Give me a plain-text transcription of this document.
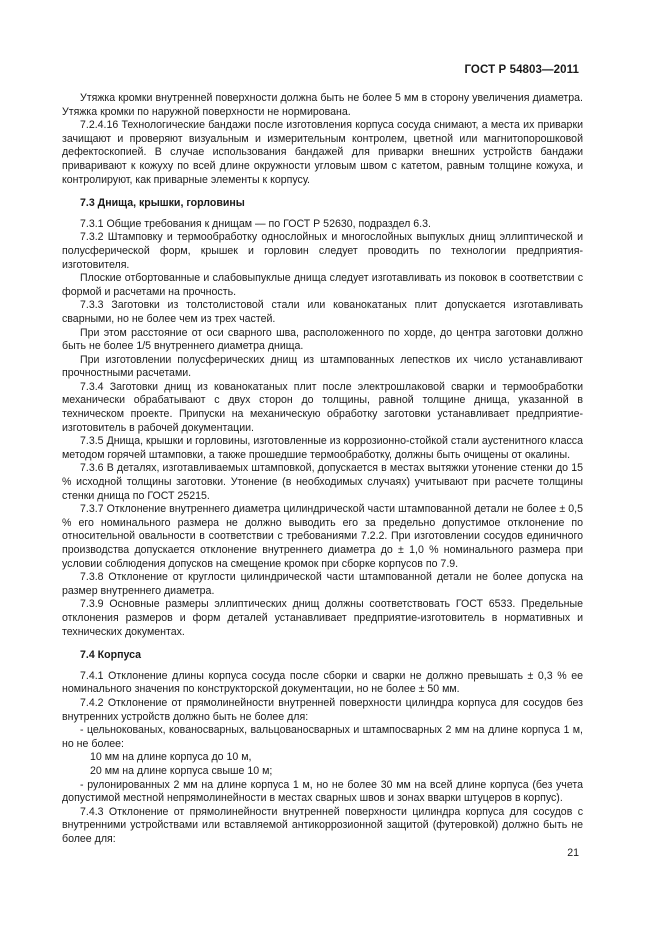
ГОСТ Р 54803—2011

Утяжка кромки внутренней поверхности должна быть не более 5 мм в сторону увеличения диаметра. Утяжка кромки по наружной поверхности не нормирована.

7.2.4.16 Технологические бандажи после изготовления корпуса сосуда снимают, а места их приварки зачищают и проверяют визуальным и измерительным контролем, цветной или магнитопорошковой дефектоскопией. В случае использования бандажей для приварки внешних устройств бандажи приваривают к кожуху по всей длине окружности угловым швом с катетом, равным толщине кожуха, и контролируют, как приварные элементы к корпусу.

7.3 Днища, крышки, горловины

7.3.1 Общие требования к днищам — по ГОСТ Р 52630, подраздел 6.3.

7.3.2 Штамповку и термообработку однослойных и многослойных выпуклых днищ эллиптической и полусферической форм, крышек и горловин следует проводить по технологии предприятия-изготовителя.

Плоские отбортованные и слабовыпуклые днища следует изготавливать из поковок в соответствии с формой и расчетами на прочность.

7.3.3 Заготовки из толстолистовой стали или кованокатаных плит допускается изготавливать сварными, но не более чем из трех частей.

При этом расстояние от оси сварного шва, расположенного по хорде, до центра заготовки должно быть не более 1/5 внутреннего диаметра днища.

При изготовлении полусферических днищ из штампованных лепестков их число устанавливают прочностными расчетами.

7.3.4 Заготовки днищ из кованокатаных плит после электрошлаковой сварки и термообработки механически обрабатывают с двух сторон до толщины, равной толщине днища, указанной в техническом проекте. Припуски на механическую обработку заготовки устанавливает предприятие-изготовитель в рабочей документации.

7.3.5 Днища, крышки и горловины, изготовленные из коррозионно-стойкой стали аустенитного класса методом горячей штамповки, а также прошедшие термообработку, должны быть очищены от окалины.

7.3.6 В деталях, изготавливаемых штамповкой, допускается в местах вытяжки утонение стенки до 15 % исходной толщины заготовки. Утонение (в необходимых случаях) учитывают при расчете толщины стенки днища по ГОСТ 25215.

7.3.7 Отклонение внутреннего диаметра цилиндрической части штампованной детали не более ± 0,5 % его номинального размера не должно выводить его за предельно допустимое отклонение по относительной овальности в соответствии с требованиями 7.2.2. При изготовлении сосудов единичного производства допускается отклонение внутреннего диаметра до ± 1,0 % номинального размера при условии соблюдения допусков на смещение кромок при сборке корпусов по 7.9.

7.3.8 Отклонение от круглости цилиндрической части штампованной детали не более допуска на размер внутреннего диаметра.

7.3.9 Основные размеры эллиптических днищ должны соответствовать ГОСТ 6533. Предельные отклонения размеров и форм деталей устанавливает предприятие-изготовитель в нормативных и технических документах.

7.4 Корпуса

7.4.1 Отклонение длины корпуса сосуда после сборки и сварки не должно превышать ± 0,3 % ее номинального значения по конструкторской документации, но не более ± 50 мм.

7.4.2 Отклонение от прямолинейности внутренней поверхности цилиндра корпуса для сосудов без внутренних устройств должно быть не более для:

- цельнокованых, кованосварных, вальцованосварных и штампосварных 2 мм на длине корпуса 1 м, но не более:

10 мм на длине корпуса до 10 м,

20 мм на длине корпуса свыше 10 м;

- рулонированных 2 мм на длине корпуса 1 м, но не более 30 мм на всей длине корпуса (без учета допустимой местной непрямолинейности в местах сварных швов и зонах вварки штуцеров в корпус).

7.4.3 Отклонение от прямолинейности внутренней поверхности цилиндра корпуса для сосудов с внутренними устройствами или вставляемой антикоррозионной защитой (футеровкой) должно быть не более для:

21
